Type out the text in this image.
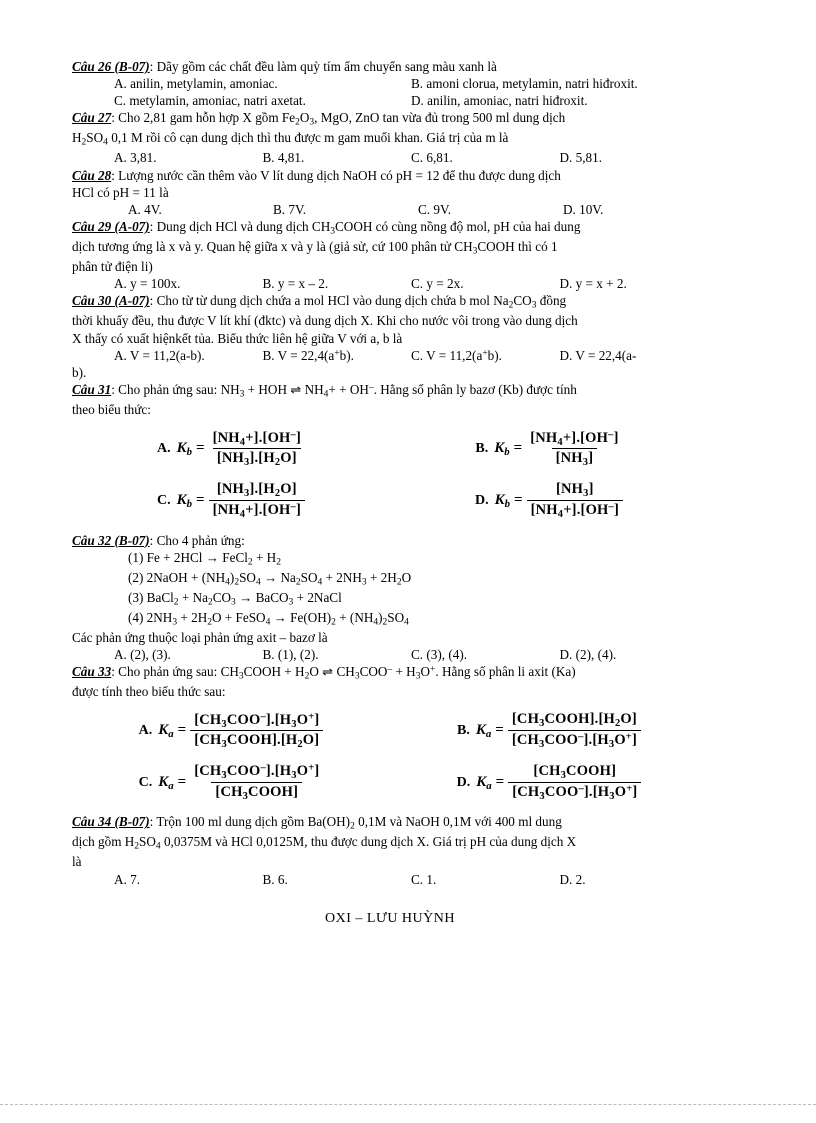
Câu 26 (B-07): Dãy gồm các chất đều làm quỳ tím ẩm chuyển sang màu xanh là
A. anilin, metylamin, amoniac.	B. amoni clorua, metylamin, natri hiđroxit.
C. metylamin, amoniac, natri axetat.	D. anilin, amoniac, natri hiđroxit.
Câu 27: Cho 2,81 gam hỗn hợp X gồm $Fe_2O_3$, MgO, ZnO tan vừa đủ trong 500 ml dung dịch
$H_2SO_4$ 0,1 M rồi cô cạn dung dịch thì thu được m gam muối khan. Giá trị của m là
A. 3,81.	B. 4,81.	C. 6,81.	D. 5,81.
Câu 28: Lượng nước cần thêm vào V lít dung dịch NaOH có pH = 12 để thu được dung dịch
HCl có pH = 11 là
A. 4V.	B. 7V.	C. 9V.	D. 10V.
Câu 29 (A-07): Dung dịch HCl và dung dịch $CH_3COOH$ có cùng nồng độ mol, pH của hai dung
dịch tương ứng là x và y. Quan hệ giữa x và y là (giả sử, cứ 100 phân tử $CH_3COOH$ thì có 1
phân tử điện li)
A. y = 100x.	B. y = x – 2.	C. y = 2x.	D. y = x + 2.
Câu 30 (A-07): Cho từ từ dung dịch chứa a mol HCl vào dung dịch chứa b mol $Na_2CO_3$ đồng
thời khuấy đều, thu được V lít khí (đktc) và dung dịch X. Khi cho nước vôi trong vào dung dịch
X thấy có xuất hiệnkết tủa. Biểu thức liên hệ giữa V với a, b là
A. V = 11,2(a-b).	B. V = 22,4(a+b).	C. V = 11,2(a+b).	D. V = 22,4(a-
b).
Câu 31: Cho phản ứng sau: $NH_3$ + HOH ⇌ $NH_4+ + OH^-$. Hằng số phân ly bazơ (Kb) được tính
theo biểu thức:
A. $K_b = \frac{[NH_4+].[OH^-]}{[NH_3].[H_2O]}$	B. $K_b = \frac{[NH_4+].[OH^-]}{[NH_3]}$
C. $K_b = \frac{[NH_3].[H_2O]}{[NH_4+].[OH^-]}$	D. $K_b = \frac{[NH_3]}{[NH_4+].[OH^-]}$
Câu 32 (B-07): Cho 4 phản ứng:
(1) Fe + 2HCl → FeCl$_2$ + $H_2$
(2) 2NaOH + $(NH_4)_2SO_4 \to Na_2SO_4 + 2NH_3 + 2H_2O$
(3) BaCl$_2$ + $Na_2CO_3$ → BaCO$_3$ + 2NaCl
(4) $2NH_3 + 2H_2O$ + FeSO$_4$ → $Fe(OH)_2 + (NH_4)_2SO_4$
Các phản ứng thuộc loại phản ứng axit – bazơ là
A. (2), (3).	B. (1), (2).	C. (3), (4).	D. (2), (4).
Câu 33: Cho phản ứng sau: $CH_3COOH + H_2O$ ⇌ $CH_3COO^- + H_3O^+$. Hằng số phân li axit (Ka)
được tính theo biểu thức sau:
A. $K_a = \frac{[CH_3COO^-].[H_3O^+]}{[CH_3COOH].[H_2O]}$	B. $K_a = \frac{[CH_3COOH].[H_2O]}{[CH_3COO^-].[H_3O^+]}$
C. $K_a = \frac{[CH_3COO^-].[H_3O^+]}{[CH_3COOH]}$	D. $K_a = \frac{[CH_3COOH]}{[CH_3COO^-].[H_3O^+]}$
Câu 34 (B-07): Trộn 100 ml dung dịch gồm $Ba(OH)_2$ 0,1M và NaOH 0,1M với 400 ml dung
dịch gồm $H_2SO_4$ 0,0375M và HCl 0,0125M, thu được dung dịch X. Giá trị pH của dung dịch X
là
A. 7.	B. 6.	C. 1.	D. 2.
OXI – LƯU HUỲNH
